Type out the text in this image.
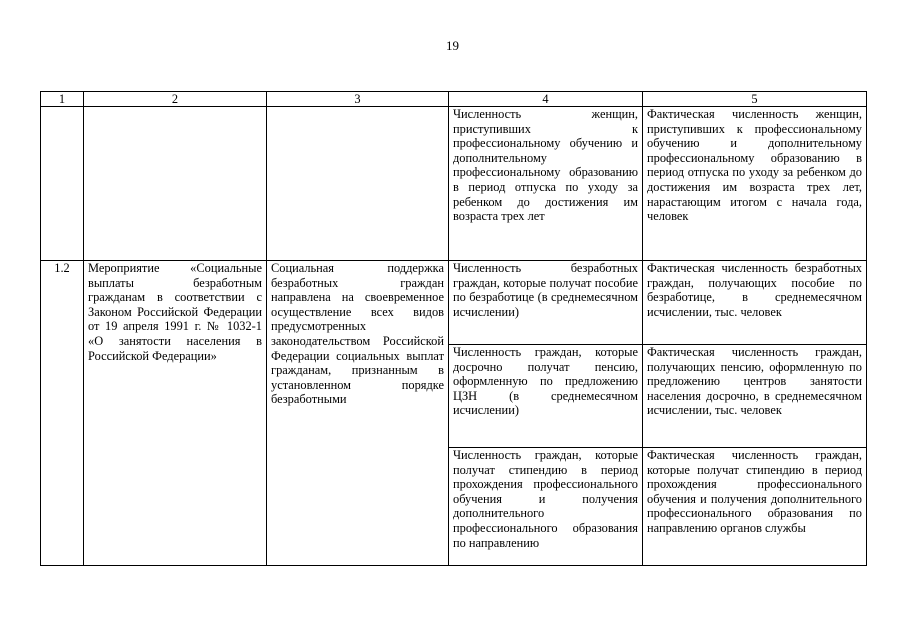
19
1	2	3	4	5

			Численность женщин, приступивших к профессиональному обучению и дополнительному профессиональному образованию в период отпуска по уходу за ребенком до достижения им возраста трех лет	Фактическая численность женщин, приступивших к профессиональному обучению и дополнительному профессиональному образованию в период отпуска по уходу за ребенком до достижения им возраста трех лет, нарастающим итогом с начала года, человек

1.2	Мероприятие «Социальные выплаты безработным гражданам в соответствии с Законом Российской Федерации от 19 апреля 1991 г. № 1032-1 «О занятости населения в Российской Федерации»	Социальная поддержка безработных граждан направлена на своевременное осуществление всех видов предусмотренных законодательством Российской Федерации социальных выплат гражданам, признанным в установленном порядке безработными	Численность безработных граждан, которые получат пособие по безработице (в среднемесячном исчислении)	Фактическая численность безработных граждан, получающих пособие по безработице, в среднемесячном исчислении, тыс. человек

			Численность граждан, которые досрочно получат пенсию, оформленную по предложению ЦЗН (в среднемесячном исчислении)	Фактическая численность граждан, получающих пенсию, оформленную по предложению центров занятости населения досрочно, в среднемесячном исчислении, тыс. человек

			Численность граждан, которые получат стипендию в период прохождения профессионального обучения и получения дополнительного профессионального образования по направлению	Фактическая численность граждан, которые получат стипендию в период прохождения профессионального обучения и получения дополнительного профессионального образования по направлению органов службы
